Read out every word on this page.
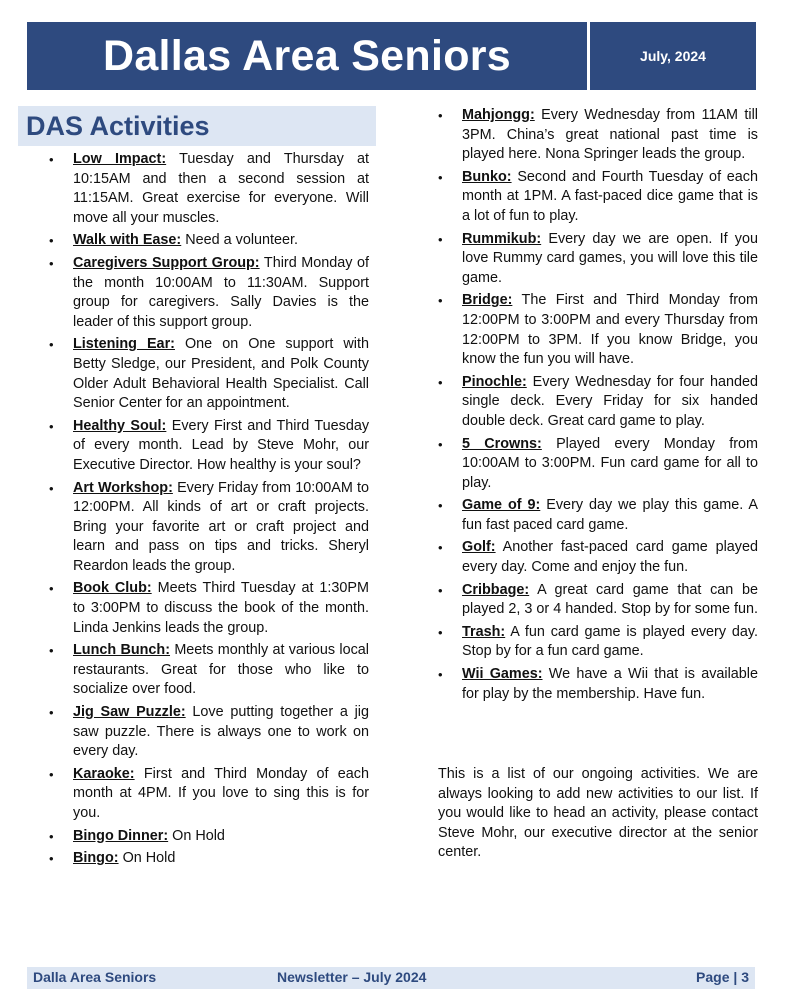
Dallas Area Seniors	July, 2024
DAS Activities
• Low Impact: Tuesday and Thursday at 10:15AM and then a second session at 11:15AM. Great exercise for everyone. Will move all your muscles.
• Walk with Ease: Need a volunteer.
• Caregivers Support Group: Third Monday of the month 10:00AM to 11:30AM. Support group for caregivers. Sally Davies is the leader of this support group.
• Listening Ear: One on One support with Betty Sledge, our President, and Polk County Older Adult Behavioral Health Specialist. Call Senior Center for an appointment.
• Healthy Soul: Every First and Third Tuesday of every month. Lead by Steve Mohr, our Executive Director. How healthy is your soul?
• Art Workshop: Every Friday from 10:00AM to 12:00PM. All kinds of art or craft projects. Bring your favorite art or craft project and learn and pass on tips and tricks. Sheryl Reardon leads the group.
• Book Club: Meets Third Tuesday at 1:30PM to 3:00PM to discuss the book of the month. Linda Jenkins leads the group.
• Lunch Bunch: Meets monthly at various local restaurants. Great for those who like to socialize over food.
• Jig Saw Puzzle: Love putting together a jig saw puzzle. There is always one to work on every day.
• Karaoke: First and Third Monday of each month at 4PM. If you love to sing this is for you.
• Bingo Dinner: On Hold
• Bingo: On Hold
• Mahjongg: Every Wednesday from 11AM till 3PM. China’s great national past time is played here. Nona Springer leads the group.
• Bunko: Second and Fourth Tuesday of each month at 1PM. A fast-paced dice game that is a lot of fun to play.
• Rummikub: Every day we are open. If you love Rummy card games, you will love this tile game.
• Bridge: The First and Third Monday from 12:00PM to 3:00PM and every Thursday from 12:00PM to 3PM. If you know Bridge, you know the fun you will have.
• Pinochle: Every Wednesday for four handed single deck. Every Friday for six handed double deck. Great card game to play.
• 5 Crowns: Played every Monday from 10:00AM to 3:00PM. Fun card game for all to play.
• Game of 9: Every day we play this game. A fun fast paced card game.
• Golf: Another fast-paced card game played every day. Come and enjoy the fun.
• Cribbage: A great card game that can be played 2, 3 or 4 handed. Stop by for some fun.
• Trash: A fun card game is played every day. Stop by for a fun card game.
• Wii Games: We have a Wii that is available for play by the membership. Have fun.

This is a list of our ongoing activities. We are always looking to add new activities to our list. If you would like to head an activity, please contact Steve Mohr, our executive director at the senior center.

Dalla Area Seniors	Newsletter – July 2024	Page | 3
